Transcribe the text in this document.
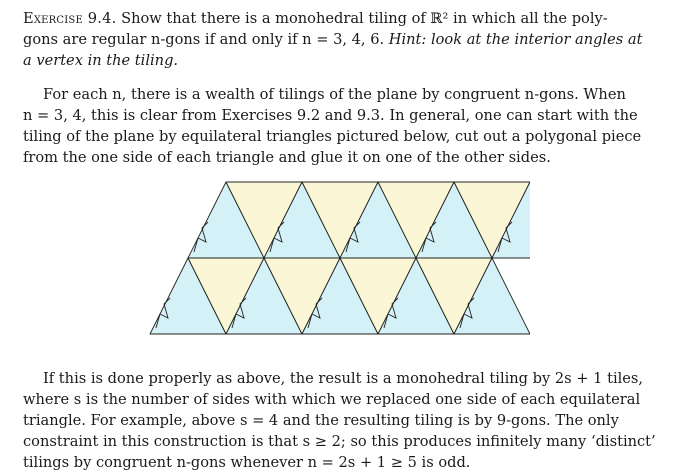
Exercise 9.4. Show that there is a monohedral tiling of ℝ² in which all the poly-
gons are regular n-gons if and only if n = 3, 4, 6. Hint: look at the interior angles at
a vertex in the tiling.

For each n, there is a wealth of tilings of the plane by congruent n-gons. When
n = 3, 4, this is clear from Exercises 9.2 and 9.3. In general, one can start with the
tiling of the plane by equilateral triangles pictured below, cut out a polygonal piece
from the one side of each triangle and glue it on one of the other sides.

If this is done properly as above, the result is a monohedral tiling by 2s + 1 tiles,
where s is the number of sides with which we replaced one side of each equilateral
triangle. For example, above s = 4 and the resulting tiling is by 9-gons. The only
constraint in this construction is that s ≥ 2; so this produces infinitely many ‘distinct’
tilings by congruent n-gons whenever n = 2s + 1 ≥ 5 is odd.
